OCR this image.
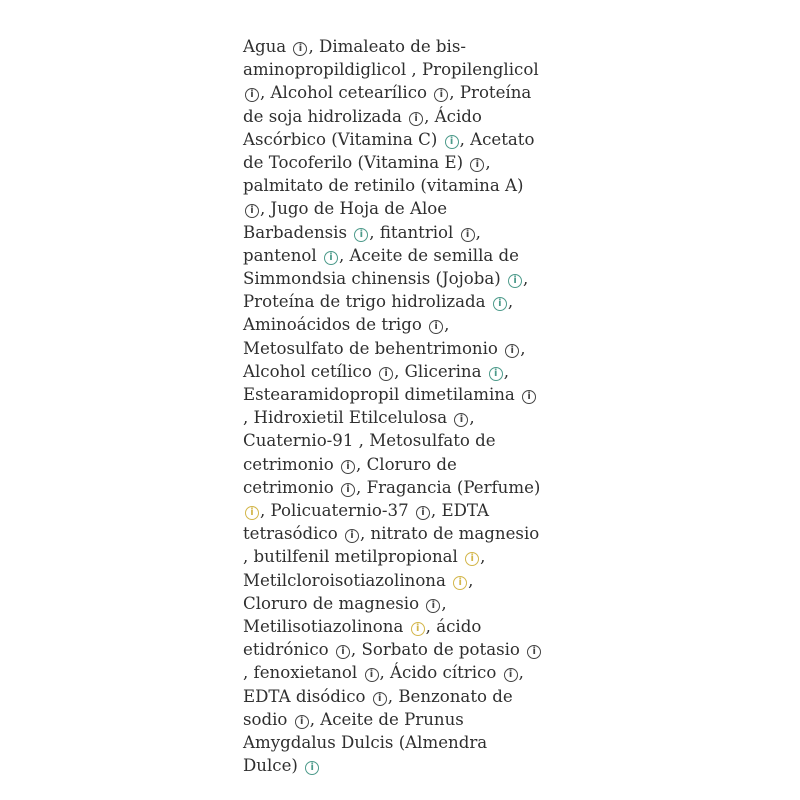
Agua i, Dimaleato de bis-
aminopropildiglicol , Propilenglicol
i, Alcohol cetearílico i, Proteína
de soja hidrolizada i, Ácido
Ascórbico (Vitamina C) i, Acetato
de Tocoferilo (Vitamina E) i,
palmitato de retinilo (vitamina A)
i, Jugo de Hoja de Aloe
Barbadensis i, fitantriol i,
pantenol i, Aceite de semilla de
Simmondsia chinensis (Jojoba) i,
Proteína de trigo hidrolizada i,
Aminoácidos de trigo i,
Metosulfato de behentrimonio i,
Alcohol cetílico i, Glicerina i,
Estearamidopropil dimetilamina i
, Hidroxietil Etilcelulosa i,
Cuaternio-91 , Metosulfato de
cetrimonio i, Cloruro de
cetrimonio i, Fragancia (Perfume)
i, Policuaternio-37 i, EDTA
tetrasódico i, nitrato de magnesio
, butilfenil metilpropional i,
Metilcloroisotiazolinona i,
Cloruro de magnesio i,
Metilisotiazolinona i, ácido
etidrónico i, Sorbato de potasio i
, fenoxietanol i, Ácido cítrico i,
EDTA disódico i, Benzonato de
sodio i, Aceite de Prunus
Amygdalus Dulcis (Almendra
Dulce) i
